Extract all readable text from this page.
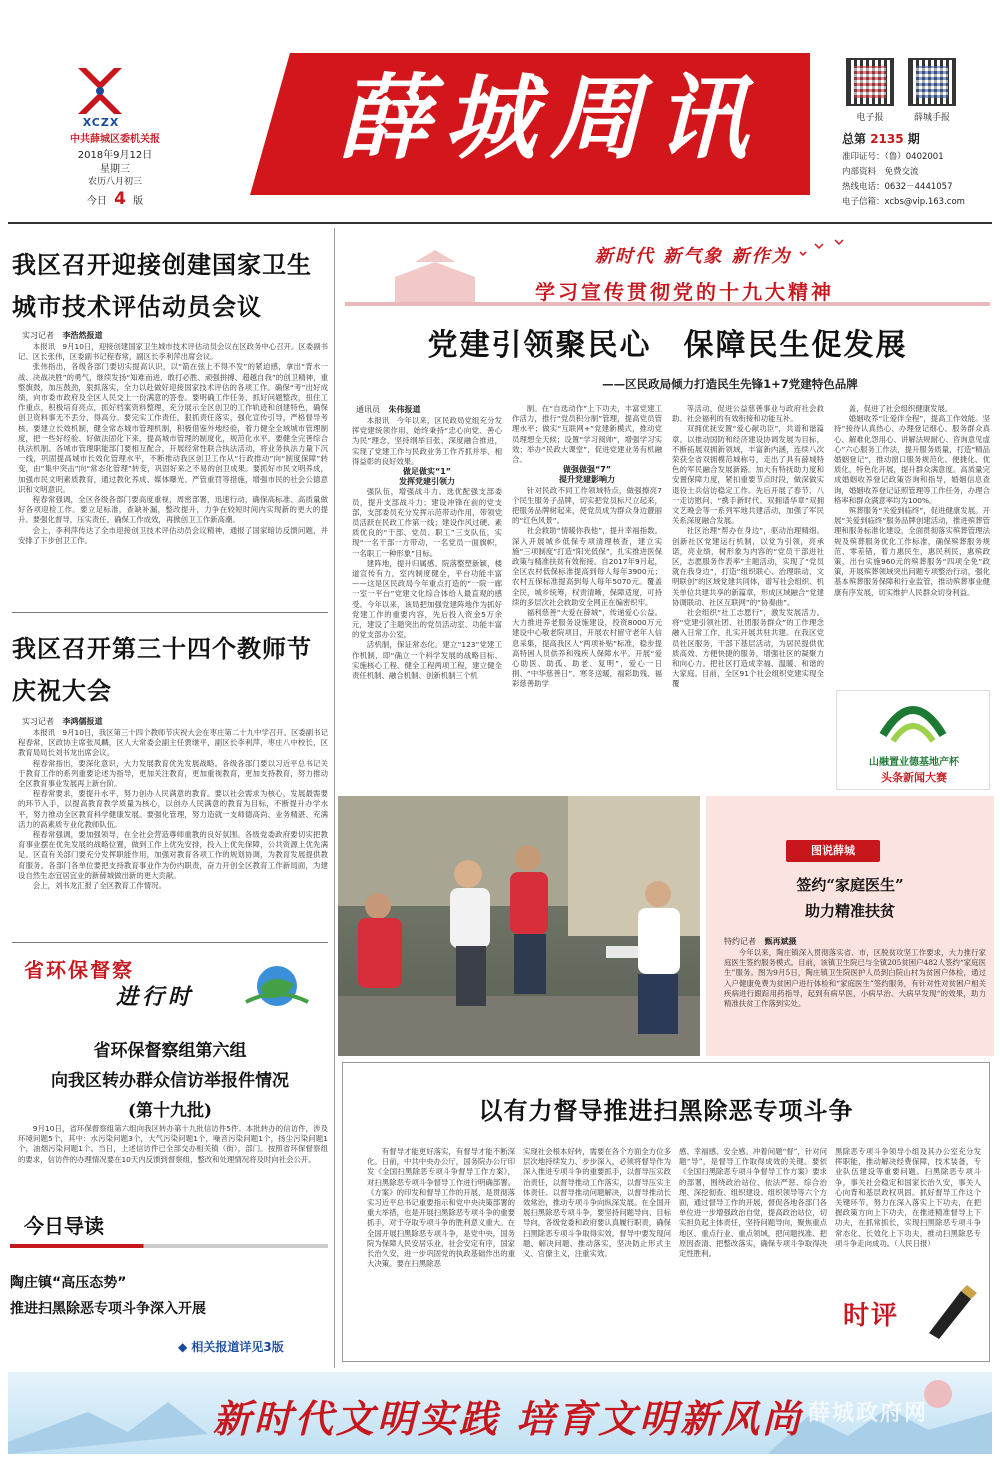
XCZX
中共薛城区委机关报
2018年9月12日
星期三
农历八月初三
今日 4 版
薛城周讯	电子报	薛城手报
总第 2135 期
准印证号：（鲁）0402001
内部资料　免费交流
热线电话：0632－4441057
电子信箱：xcbs@vip.163.com
我区召开迎接创建国家卫生城市技术评估动员会议
实习记者 李浩然报道

本报讯　9月10日，迎接创建国家卫生城市技术评估动员会议在区政务中心召开。区委副书记、区长张伟，区委副书记程春常，副区长李利萍出席会议。

张伟指出，各级各部门要切实提高认识，以“箭在弦上不得不发”的紧迫感，拿出“背水一战、决战决胜”的勇气，继续发扬“知难而进、敢打必胜、顽强拼搏、超越自我”的创卫精神，重整旗鼓，加压鼓劲，狠抓落实，全力以赴做好迎接国家技术评估的各项工作。确保“考”出好成绩，向市委市政府及全区人民交上一份满意的答卷。要明确工作任务，抓好问题整改，扭住工作重点，积极培育亮点，抓好档案资料整理，充分展示全区创卫的工作轨迹和创建特色，确保创卫资料事无不丢分，得高分。要完实工作责任，狠抓责任落实，强化宣传引导，严格督导考核。要建立长效机制，健全常态城市管理机制，积极借鉴外地经验，着力健全全域城市管理制度，把一些好经验、好做法固化下来，提高城市管理的制度化，规范化水平。要健全完善综合执法机制。各城市管理职能部门要相互配合，开展经常性联合执法活动，将业务执法力量下沉一线，巩固提高城市长效化管理水平，不断推动我区创卫工作从“行政推动”向“制度保障”转变，由“集中突击”向“常态化管理”转变，巩固好来之不易的创卫成果。要抓好市民文明养成，加强市民文明素质教育，通过教化养成、媒体曝光、严管重罚等措施，增强市民的社会公德意识和文明意识。

程春常强调，全区各级各部门要高度重视，周密部署，迅速行动，确保高标准、高质量做好各项迎检工作。要立足标准，查缺补漏，整改提升，力争在较短时间内实现新的更大的提升。要强化督导，压实责任，确保工作成效，再掀创卫工作新高潮。

会上，李利萍传达了全市迎接创卫技术评估动员会议精神，通报了国家暗访反馈问题，并安排了下步创卫工作。

我区召开第三十四个教师节庆祝大会
实习记者 李鸿儒报道

本报讯　9月10日，我区第三十四个教师节庆祝大会在枣庄第二十九中学召开。区委副书记程春常，区政协主席张凤麟，区人大常委会副主任贾继平，副区长李利萍，枣庄八中校长，区教育局局长刘书龙出席会议。

程春常指出，要深化意识，大力发展教育优先发展战略。各级各部门要以习近平总书记关于教育工作的系列重要论述为指导，更加关注教育，更加重视教育，更加支持教育，努力推动全区教育事业发展再上新台阶。

程春常要求，要提升水平，努力创办人民满意的教育。要以社会需求为核心，发展最需要的环节入手，以提高教育教学质量为核心，以创办人民满意的教育为目标，不断提升办学水平，努力推动全区教育科学健康发展。要强化管理，努力造就一支师德高尚、业务精湛、充满活力的高素质专业化教师队伍。

程春常强调，要加强领导，在全社会营造尊师重教的良好氛围。各级党委政府要切实把教育事业摆在优先发展的战略位置，做到工作上优先安排，投入上优先保障，公共资源上优先满足。区直有关部门要充分发挥职能作用，加强对教育各项工作的规划协调，为教育发展提供教育服务。各部门各单位要把支持教育事业作为份内职责，奋力开创全区教育工作新局面，为建设自然生态宜居宜业的新薛城做出新的更大贡献。

会上，刘书龙汇报了全区教育工作情况。

省环保督察
进行时
省环保督察组第六组
向我区转办群众信访举报件情况
(第十九批)

9月10日，省环保督察组第六组向我区转办第十九批信访件5件。本批转办的信访件，涉及环境问题5个，其中：水污染问题3个，大气污染问题1个，噪音污染问题1个，扬尘污染问题1个，油烟污染问题1个。当日，上述信访件已全部交办相关镇（街），部门。按照省环保督察组的要求，信访件的办理情况要在10天内反馈到督察组，整改和处理情况将及时向社会公开。

今日导读
陶庄镇“高压态势”
推进扫黑除恶专项斗争深入开展
◆ 相关报道详见3版
新时代 新气象 新作为
学习宣传贯彻党的十九大精神
党建引领聚民心　保障民生促发展
——区民政局倾力打造民生先锋1+7党建特色品牌
通讯员 朱伟报道

本报讯　今年以来，区民政局党组充分发挥党建统领作用，始终秉持“忠心向党、善心为民”理念，坚持纲举目张、深度融合推进，实现了党建工作与民政业务工作齐抓并举、相得益彰的良好效果。

做足做实“1”

发挥党建引领力

强队伍，增强战斗力。选优配强支部委员，提升支部战斗力；建设冲锋在前的党支部，支部委员充分发挥示范带动作用，带领党员活跃在民政工作第一线；建设作风过硬、素质优良的“干部、党员、职工”三支队伍，实现“一名干部一方带动，一名党员一面旗帜，一名职工一种形象”目标。

建阵地，提升归属感。院落整塑新颖，楼道宣传有力，室内制度健全，平台功能丰富——这是区民政局今年重点打造的“一院一廊一室一平台”党建文化综合体给人最直观的感受。今年以来，该局把加强党建阵地作为抓好党建工作的重要内容，先后投入资金5万余元，建设了主题突出的党员活动室、功能丰富的党支部办公室。

活机制，保证常态化。建立“123”党建工作机制，即“确立一个科学发展的战略目标、实施核心工程、健全工程两项工程，建立健全责任机制、融合机制、创新机制三个机

制。在“自选动作”上下功夫，丰富党建工作活力，推行“党员积分制”管理，提高党员管理水平；做实“互联网+”党建新模式，推动党员理想全天候；设置“学习阅帅”，增强学习实效；举办“民政大课堂”，促进党建业务有机融合。

做强做强“7”

提升党建影响力

针对民政不同工作领域特点，做强擦亮7个民生服务子品牌，切实把党员标尺立起来，把服务品牌树起来，使党员成为群众身边靓丽的“红色风景”。

社会救助“情暖你我他”，提升幸福指数。深入开展城乡低保专项清理核查，建立实施“三项制度”打造“阳光低保”，扎实推进医保政策与精准扶贫有效衔接。自2017年9月起，全区农村低保标准提高到每人每年3900元；农村五保标准提高到每人每年5070元。覆盖全民，城乡统筹，权责清晰，保障适度，可持续的多层次社会救助安全网正在编密织牢。

福利慈善“大爱在薛城”，传递爱心公益。大力推进养老服务设施建设，投资8000万元建设中心敬老院项目，开展农村留守老年人信息采集，提高我区人“两项补贴”标准，稳步提高特困人员供养和残疾人保障水平。开展“爱心助医、助孤、助老、复明”，爱心一日捐、“中华慈善日”、寒冬送暖，福彩助残、福彩慈善助学

等活动，促进公益慈善事业与政府社会救助、社会福利的有效衔接和功能互补。

双拥优抚安置“爱心献功臣”，共谱和谐篇章。以推动国防和经济建设协调发展为目标，不断拓展双拥新领域，丰富新内涵，连续八次荣获全省双拥模范城称号，走出了具有薛城特色的军民融合发展新路。加大有特抚助力度和安置保障力度，紧扣重要节点时段，做深做实退役士兵信访稳定工作。先后开展了春节、八一走访慰问、“携手新时代、双拥谱华章”双拥文艺晚会等一系列军地共建活动，加强了军民关系深度融合发展。

社区治理“帮办在身边”，驱动治理精细。创新社区党建运行机制，以党为引领，亮承诺，亮业绩，树形象为内容的“党员干部进社区，志愿服务作表率”主题活动，实现了“党员就在我身边”，打造“组织联心、治理联动、文明联创”的区域党建共同体，谱写社会组织、机关单位共建共享的新篇章，形成区域融合“党建协调联动、社区互联网”的“协奏曲”。

社会组织“社工志愿行”，激发发展活力。将“党建引领社团、社团服务群众”的工作理念融入日常工作，扎实开展共驻共建。在我区党员社区服务，干部下基层活动，为居民提供优质高效、方便快捷的服务，增强社区的凝聚力和向心力。把社区打造成幸福、温暖、和谐的大家庭。目前，全区91个社会组织党建实现全覆

盖，促进了社会组织健康发展。

婚姻收养“让爱伴全程”，提高工作效能。坚持“接待认真热心、办理登记细心、服务群众真心、解难化怨用心、讲解法规耐心、咨询意见虚心”六心服务工作法，提升服务质量，打造“精品婚姻登记”，推动窗口服务规范化、便捷化、优质化，特色化开展，提升群众满意度。高质量完成婚姻收养登记政策咨询和指导，婚姻信息查询，婚姻收养登记证照管理等工作任务，办理合格率和群众满意率均为100%。

殡葬服务“关爱到临终”，促进健康发展。开展“关爱到临终”服务品牌创建活动，推进殡葬管理和服务标准化建设，全面贯彻落实殡葬管理法规及殡葬服务优化工作标准，确保殡葬服务规范、零差错，着力惠民生，惠民利民，惠殡政策，出台实施960元的殡葬服务“四项全免”政策，开展殡葬领域突出问题专项整治行动，强化基本殡葬服务保障和行业监管，推动殡葬事业健康有序发展，切实维护人民群众切身利益。

山融置业德基地产杯
头条新闻大赛
图说薛城
签约“家庭医生”
助力精准扶贫
特约记者 甄再斌摄

今年以来，陶庄镇深入贯彻落实省、市，区脱贫攻坚工作要求，大力推行家庭医生签约服务模式。目前，该镇卫生院已与全镇205贫困户482人签约“家庭医生”服务。图为9月5日，陶庄镇卫生院医护人员到白院山村为贫困户体检，通过入户健康免费为贫困户进行体检和“家庭医生”签约服务，有针对性对贫困户相关疾病进行跟踪用药指导，起到有病早医，小病早治、大病早发现“的效果，助力精准扶贫工作落到实处。

以有力督导推进扫黑除恶专项斗争

有督导才能更好落实，有督导才能不断深化。日前，中共中央办公厅，国务院办公厅印发《全国扫黑除恶专项斗争督导工作方案》，对扫黑除恶专项斗争督导工作进行明确部署。《方案》的印发和督导工作的开展，是贯彻落实习近平总书记重要指示和党中央决策部署的重大举措，也是开展扫黑除恶专项斗争的重要抓手，对于夺取专项斗争的胜利意义重大。在全国开展扫黑除恶专项斗争，是党中央，国务院为保障人民安居乐业，社会安定有序，国家长治久安，进一步巩固党的执政基础作出的重大决策。要在扫黑除恶

实现社会根本好转，需要在各个方面全方位多层次地持续发力、步步深入，必须将督导作为深入推进专项斗争的重要抓手，以督导压实政治责任，以督导推动工作落实，以督导压实主体责任、以督导推动问题解决，以督导推动长效常治，推动专项斗争向纵深发展。在全国开展扫黑除恶专项斗争，要坚持问题导向、目标导向，各级党委和政府要认真履行职责，确保扫黑除恶专项斗争取得实效。督导中要发现问题、解决问题、推动落实，坚决防止形式主义、官僚主义，注重实效。

感、幸福感、安全感。冲着问题“督”，针对问题“导”，是督导工作取得成效的关键。要依《全国扫黑除恶专项斗争督导工作方案》要求的部署，围绕政治站位、依法严惩、综合治理、深挖彻查、组织建设、组织领导等六个方面，通过督导工作的开展，督促各地各部门各单位进一步增强政治自觉，提高政治站位，切实担负起主体责任，坚持问题导向，聚焦重点地区、重点行业、重点领域，把问题找准、把原因查清、把整改落实，确保专项斗争取得决定性胜利。

黑除恶专项斗争领导小组及其办公室充分发挥职能，推动解决经费保障，技术装备，专业队伍建设等重要问题。扫黑除恶专项斗争，事关社会稳定和国家长治久安，事关人心向背和基层政权巩固。抓好督导工作这个关键环节，努力在深入落实上下功夫，在把握政策方向上下功夫，在推进精准督导上下功夫，在抓常抓长，实现扫黑除恶专项斗争常态化、长效化上下功夫，推动扫黑除恶专项斗争走向成功。（人民日报）

时评
新时代文明实践 培育文明新风尚 薛城政府网
